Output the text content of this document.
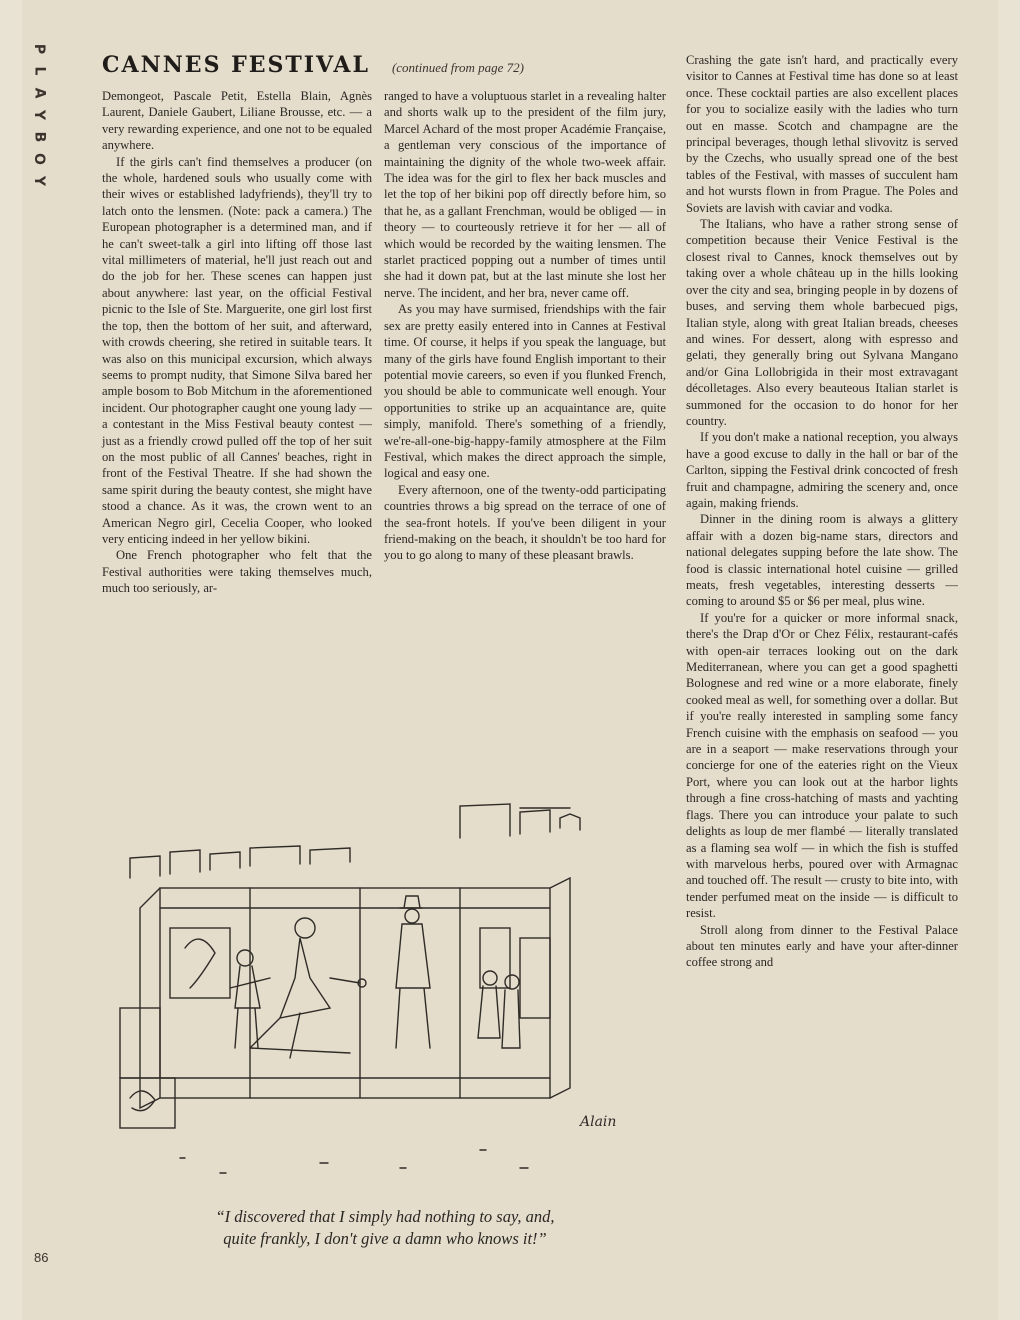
P
L
A
Y
B
O
Y
CANNES FESTIVAL (continued from page 72)

Demongeot, Pascale Petit, Estella Blain, Agnès Laurent, Daniele Gaubert, Liliane Brousse, etc. — a very rewarding experience, and one not to be equaled anywhere.

If the girls can't find themselves a producer (on the whole, hardened souls who usually come with their wives or established ladyfriends), they'll try to latch onto the lensmen. (Note: pack a camera.) The European photographer is a determined man, and if he can't sweet-talk a girl into lifting off those last vital millimeters of material, he'll just reach out and do the job for her. These scenes can happen just about anywhere: last year, on the official Festival picnic to the Isle of Ste. Marguerite, one girl lost first the top, then the bottom of her suit, and afterward, with crowds cheering, she retired in suitable tears. It was also on this municipal excursion, which always seems to prompt nudity, that Simone Silva bared her ample bosom to Bob Mitchum in the aforementioned incident. Our photographer caught one young lady — a contestant in the Miss Festival beauty contest — just as a friendly crowd pulled off the top of her suit on the most public of all Cannes' beaches, right in front of the Festival Theatre. If she had shown the same spirit during the beauty contest, she might have stood a chance. As it was, the crown went to an American Negro girl, Cecelia Cooper, who looked very enticing indeed in her yellow bikini.

One French photographer who felt that the Festival authorities were taking themselves much, much too seriously, ar-

ranged to have a voluptuous starlet in a revealing halter and shorts walk up to the president of the film jury, Marcel Achard of the most proper Académie Française, a gentleman very conscious of the importance of maintaining the dignity of the whole two-week affair. The idea was for the girl to flex her back muscles and let the top of her bikini pop off directly before him, so that he, as a gallant Frenchman, would be obliged — in theory — to courteously retrieve it for her — all of which would be recorded by the waiting lensmen. The starlet practiced popping out a number of times until she had it down pat, but at the last minute she lost her nerve. The incident, and her bra, never came off.

As you may have surmised, friendships with the fair sex are pretty easily entered into in Cannes at Festival time. Of course, it helps if you speak the language, but many of the girls have found English important to their potential movie careers, so even if you flunked French, you should be able to communicate well enough. Your opportunities to strike up an acquaintance are, quite simply, manifold. There's something of a friendly, we're-all-one-big-happy-family atmosphere at the Film Festival, which makes the direct approach the simple, logical and easy one.

Every afternoon, one of the twenty-odd participating countries throws a big spread on the terrace of one of the sea-front hotels. If you've been diligent in your friend-making on the beach, it shouldn't be too hard for you to go along to many of these pleasant brawls.

Crashing the gate isn't hard, and practically every visitor to Cannes at Festival time has done so at least once. These cocktail parties are also excellent places for you to socialize easily with the ladies who turn out en masse. Scotch and champagne are the principal beverages, though lethal slivovitz is served by the Czechs, who usually spread one of the best tables of the Festival, with masses of succulent ham and hot wursts flown in from Prague. The Poles and Soviets are lavish with caviar and vodka.

The Italians, who have a rather strong sense of competition because their Venice Festival is the closest rival to Cannes, knock themselves out by taking over a whole château up in the hills looking over the city and sea, bringing people in by dozens of buses, and serving them whole barbecued pigs, Italian style, along with great Italian breads, cheeses and wines. For dessert, along with espresso and gelati, they generally bring out Sylvana Mangano and/or Gina Lollobrigida in their most extravagant décolletages. Also every beauteous Italian starlet is summoned for the occasion to do honor for her country.

If you don't make a national reception, you always have a good excuse to dally in the hall or bar of the Carlton, sipping the Festival drink concocted of fresh fruit and champagne, admiring the scenery and, once again, making friends.

Dinner in the dining room is always a glittery affair with a dozen big-name stars, directors and national delegates supping before the late show. The food is classic international hotel cuisine — grilled meats, fresh vegetables, interesting desserts — coming to around $5 or $6 per meal, plus wine.

If you're for a quicker or more informal snack, there's the Drap d'Or or Chez Félix, restaurant-cafés with open-air terraces looking out on the dark Mediterranean, where you can get a good spaghetti Bolognese and red wine or a more elaborate, finely cooked meal as well, for something over a dollar. But if you're really interested in sampling some fancy French cuisine with the emphasis on seafood — you are in a seaport — make reservations through your concierge for one of the eateries right on the Vieux Port, where you can look out at the harbor lights through a fine cross-hatching of masts and yachting flags. There you can introduce your palate to such delights as loup de mer flambé — literally translated as a flaming sea wolf — in which the fish is stuffed with marvelous herbs, poured over with Armagnac and touched off. The result — crusty to bite into, with tender perfumed meat on the inside — is difficult to resist.

Stroll along from dinner to the Festival Palace about ten minutes early and have your after-dinner coffee strong and

Alain
“I discovered that I simply had nothing to say, and,
quite frankly, I don't give a damn who knows it!”
86
